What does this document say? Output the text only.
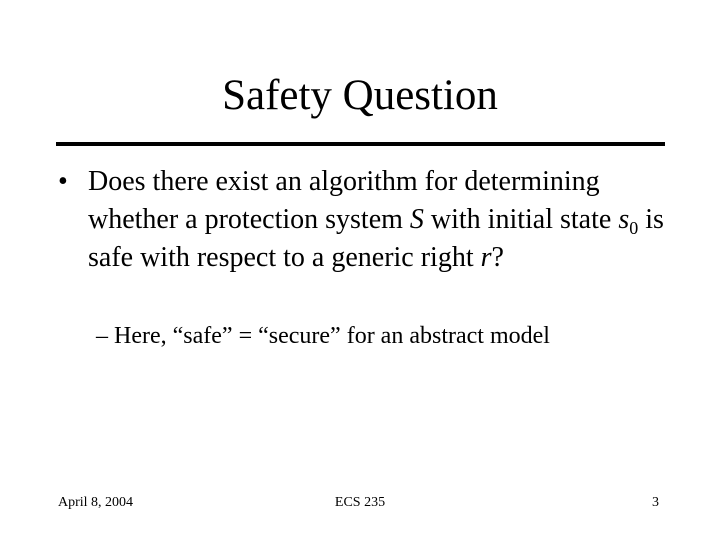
Safety Question
• Does there exist an algorithm for determining whether a protection system S with initial state $s_0$ is safe with respect to a generic right r?
– Here, “safe” = “secure” for an abstract model
April 8, 2004	ECS 235	3
